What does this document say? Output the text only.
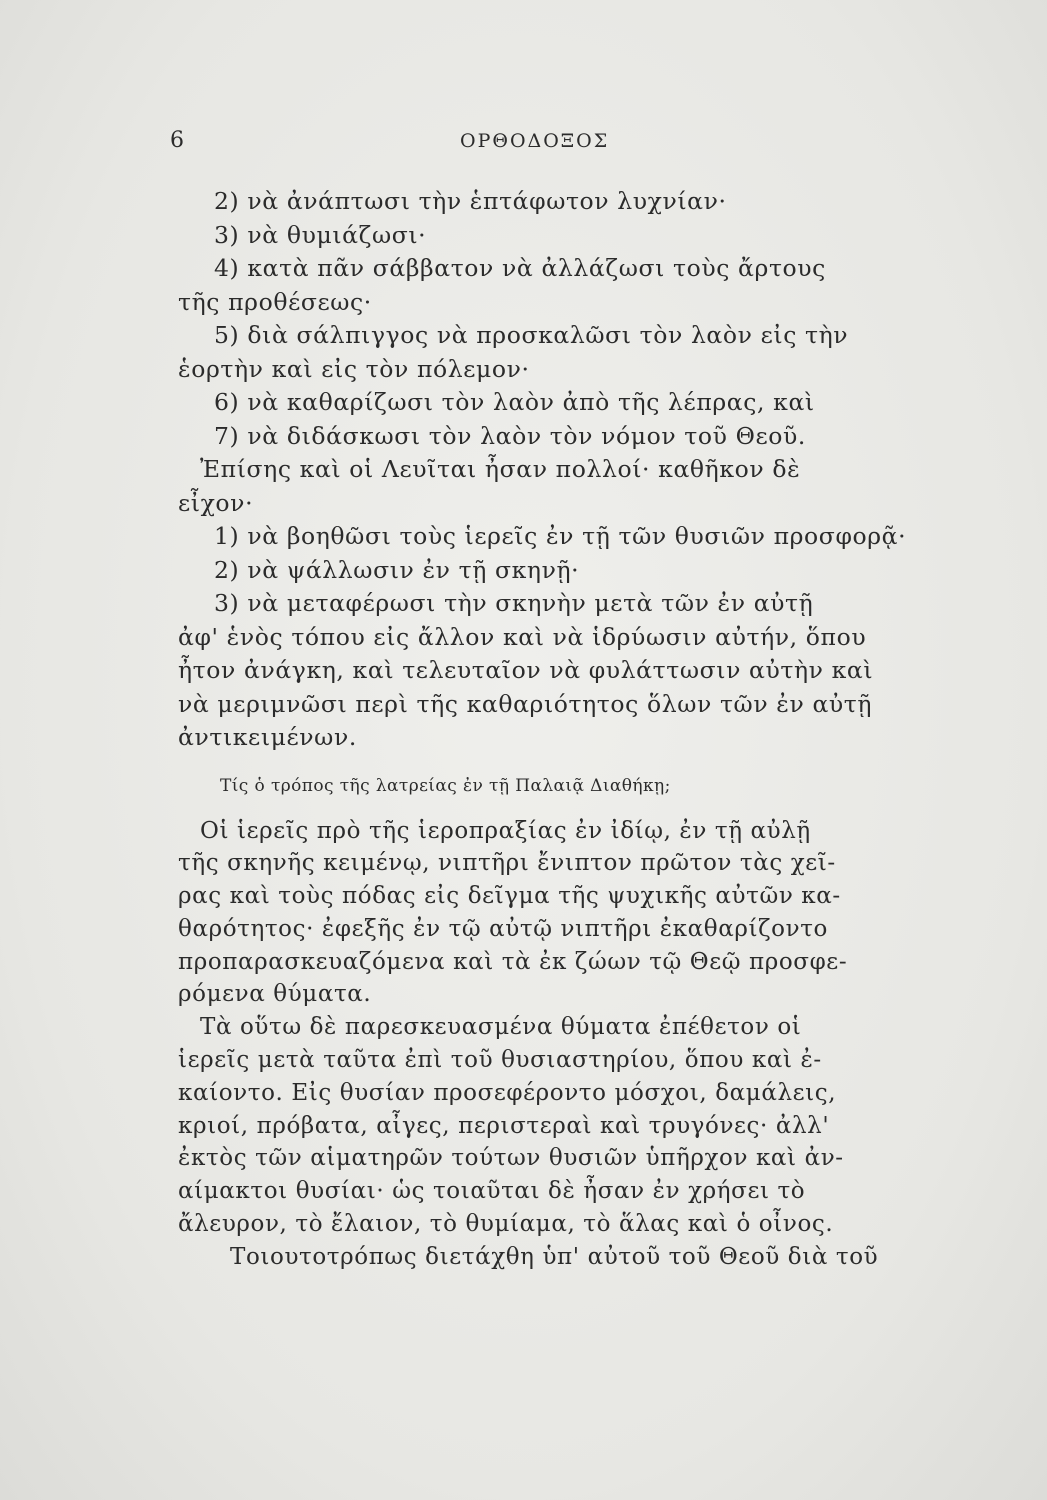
6	ΟΡΘΟΔΟΞΟΣ
2) νὰ ἀνάπτωσι τὴν ἑπτάφωτον λυχνίαν·
3) νὰ θυμιάζωσι·
4) κατὰ πᾶν σάββατον νὰ ἀλλάζωσι τοὺς ἄρτους
τῆς προθέσεως·
5) διὰ σάλπιγγος νὰ προσκαλῶσι τὸν λαὸν εἰς τὴν
ἑορτὴν καὶ εἰς τὸν πόλεμον·
6) νὰ καθαρίζωσι τὸν λαὸν ἀπὸ τῆς λέπρας, καὶ
7) νὰ διδάσκωσι τὸν λαὸν τὸν νόμον τοῦ Θεοῦ.
Ἐπίσης καὶ οἱ Λευῖται ἦσαν πολλοί· καθῆκον δὲ
εἶχον·
1) νὰ βοηθῶσι τοὺς ἱερεῖς ἐν τῇ τῶν θυσιῶν προσφορᾷ·
2) νὰ ψάλλωσιν ἐν τῇ σκηνῇ·
3) νὰ μεταφέρωσι τὴν σκηνὴν μετὰ τῶν ἐν αὐτῇ
ἀφ' ἑνὸς τόπου εἰς ἄλλον καὶ νὰ ἱδρύωσιν αὐτήν, ὅπου
ἦτον ἀνάγκη, καὶ τελευταῖον νὰ φυλάττωσιν αὐτὴν καὶ
νὰ μεριμνῶσι περὶ τῆς καθαριότητος ὅλων τῶν ἐν αὐτῇ
ἀντικειμένων.
Τίς ὁ τρόπος τῆς λατρείας ἐν τῇ Παλαιᾷ Διαθήκῃ;
Οἱ ἱερεῖς πρὸ τῆς ἱεροπραξίας ἐν ἰδίῳ, ἐν τῇ αὐλῇ
τῆς σκηνῆς κειμένῳ, νιπτῆρι ἔνιπτον πρῶτον τὰς χεῖ-
ρας καὶ τοὺς πόδας εἰς δεῖγμα τῆς ψυχικῆς αὐτῶν κα-
θαρότητος· ἐφεξῆς ἐν τῷ αὐτῷ νιπτῆρι ἐκαθαρίζοντο
προπαρασκευαζόμενα καὶ τὰ ἐκ ζώων τῷ Θεῷ προσφε-
ρόμενα θύματα.
Τὰ οὕτω δὲ παρεσκευασμένα θύματα ἐπέθετον οἱ
ἱερεῖς μετὰ ταῦτα ἐπὶ τοῦ θυσιαστηρίου, ὅπου καὶ ἐ-
καίοντο. Εἰς θυσίαν προσεφέροντο μόσχοι, δαμάλεις,
κριοί, πρόβατα, αἶγες, περιστεραὶ καὶ τρυγόνες· ἀλλ'
ἐκτὸς τῶν αἱματηρῶν τούτων θυσιῶν ὑπῆρχον καὶ ἀν-
αίμακτοι θυσίαι· ὡς τοιαῦται δὲ ἦσαν ἐν χρήσει τὸ
ἄλευρον, τὸ ἔλαιον, τὸ θυμίαμα, τὸ ἅλας καὶ ὁ οἶνος.
Τοιουτοτρόπως διετάχθη ὑπ' αὐτοῦ τοῦ Θεοῦ διὰ τοῦ
